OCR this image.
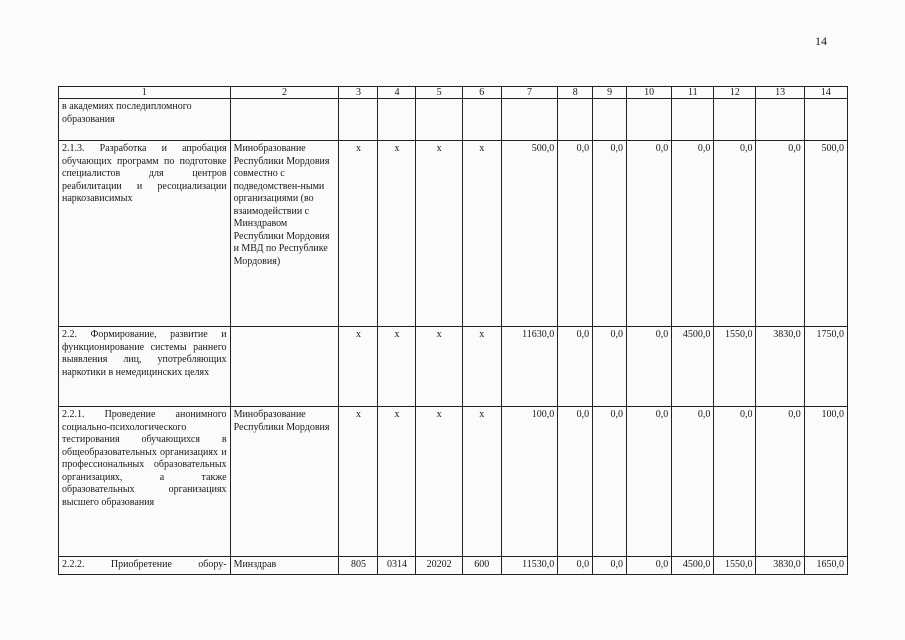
14
1	2	3	4	5	6	7	8	9	10	11	12	13	14
в академиях последипломного образования													
2.1.3. Разработка и апробация обучающих программ по подготовке специалистов для центров реабилитации и ресоциализации наркозависимых	Минобразование Республики Мордовия совместно с подведомствен-ными организациями (во взаимодействии с Минздравом Республики Мордовия и МВД по Республике Мордовия)	х	х	х	х	500,0	0,0	0,0	0,0	0,0	0,0	0,0	500,0
2.2. Формирование, развитие и функционирование системы раннего выявления лиц, употребляющих наркотики в немедицинских целях		х	х	х	х	11630,0	0,0	0,0	0,0	4500,0	1550,0	3830,0	1750,0
2.2.1. Проведение анонимного социально-психологического тестирования обучающихся в общеобразовательных организациях и профессиональных образовательных организациях, а также образовательных организациях высшего образования	Минобразование Республики Мордовия	х	х	х	х	100,0	0,0	0,0	0,0	0,0	0,0	0,0	100,0
2.2.2. Приобретение обору-	Минздрав	805	0314	20202	600	11530,0	0,0	0,0	0,0	4500,0	1550,0	3830,0	1650,0
